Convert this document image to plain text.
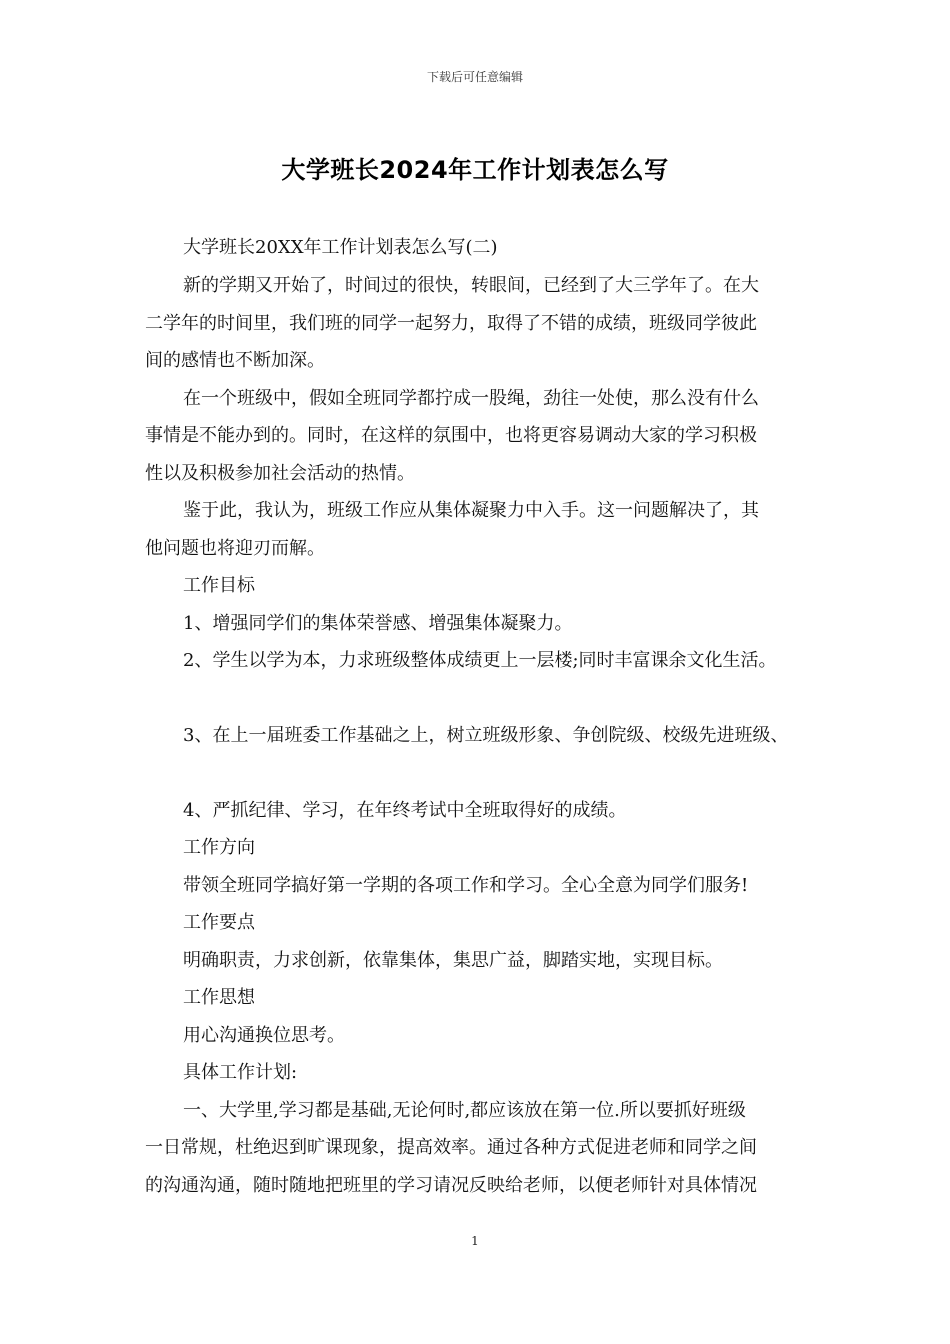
下载后可任意编辑
大学班长2024年工作计划表怎么写
大学班长20XX年工作计划表怎么写(二)
新的学期又开始了，时间过的很快，转眼间，已经到了大三学年了。在大
二学年的时间里，我们班的同学一起努力，取得了不错的成绩，班级同学彼此
间的感情也不断加深。
在一个班级中，假如全班同学都拧成一股绳，劲往一处使，那么没有什么
事情是不能办到的。同时，在这样的氛围中，也将更容易调动大家的学习积极
性以及积极参加社会活动的热情。
鉴于此，我认为，班级工作应从集体凝聚力中入手。这一问题解决了，其
他问题也将迎刃而解。
工作目标
1、增强同学们的集体荣誉感、增强集体凝聚力。
2、学生以学为本，力求班级整体成绩更上一层楼;同时丰富课余文化生活。
3、在上一届班委工作基础之上，树立班级形象、争创院级、校级先进班级、
4、严抓纪律、学习，在年终考试中全班取得好的成绩。
工作方向
带领全班同学搞好第一学期的各项工作和学习。全心全意为同学们服务!
工作要点
明确职责，力求创新，依靠集体，集思广益，脚踏实地，实现目标。
工作思想
用心沟通换位思考。
具体工作计划:
一、大学里,学习都是基础,无论何时,都应该放在第一位.所以要抓好班级
一日常规，杜绝迟到旷课现象，提高效率。通过各种方式促进老师和同学之间
的沟通沟通，随时随地把班里的学习请况反映给老师，以便老师针对具体情况
1
